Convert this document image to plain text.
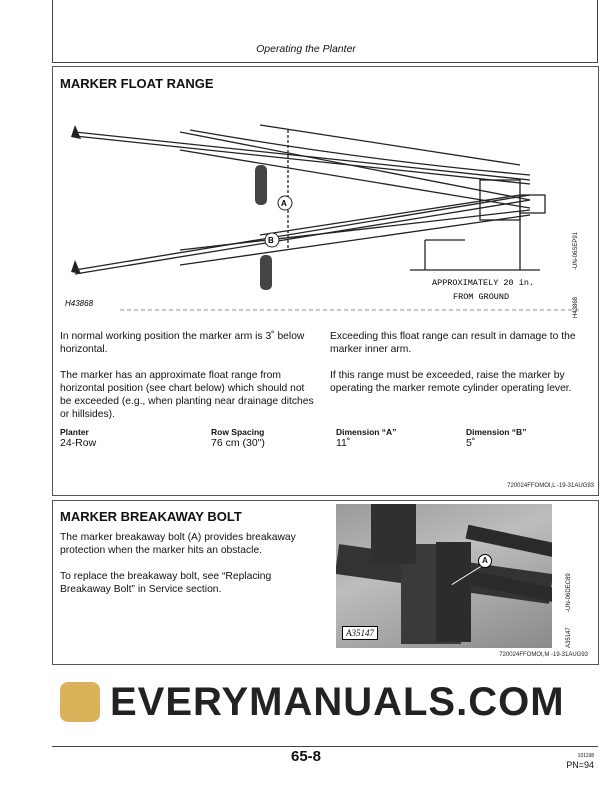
Operating the Planter
MARKER FLOAT RANGE
A
B
APPROXIMATELY 20 in.
FROM GROUND
H43868
-UN-06SEP91
H43868
In normal working position the marker arm is 3˚ below horizontal.
The marker has an approximate float range from horizontal position (see chart below) which should not be exceeded (e.g., when planting near drainage ditches or hillsides).
Exceeding this float range can result in damage to the marker inner arm.
If this range must be exceeded, raise the marker by operating the marker remote cylinder operating lever.
Planter	Row Spacing	Dimension “A”	Dimension “B”
24-Row	76 cm (30")	11˚	5˚
720024FFOMOI,L -19-31AUG93
MARKER BREAKAWAY BOLT
The marker breakaway bolt (A) provides breakaway protection when the marker hits an obstacle.
To replace the breakaway bolt, see “Replacing Breakaway Bolt” in Service section.
A
A35147
-UN-06DEC89
A35147
720024FFOMOI,M -19-31AUG93
EVERYMANUALS.COM
65-8	101198
PN=94
